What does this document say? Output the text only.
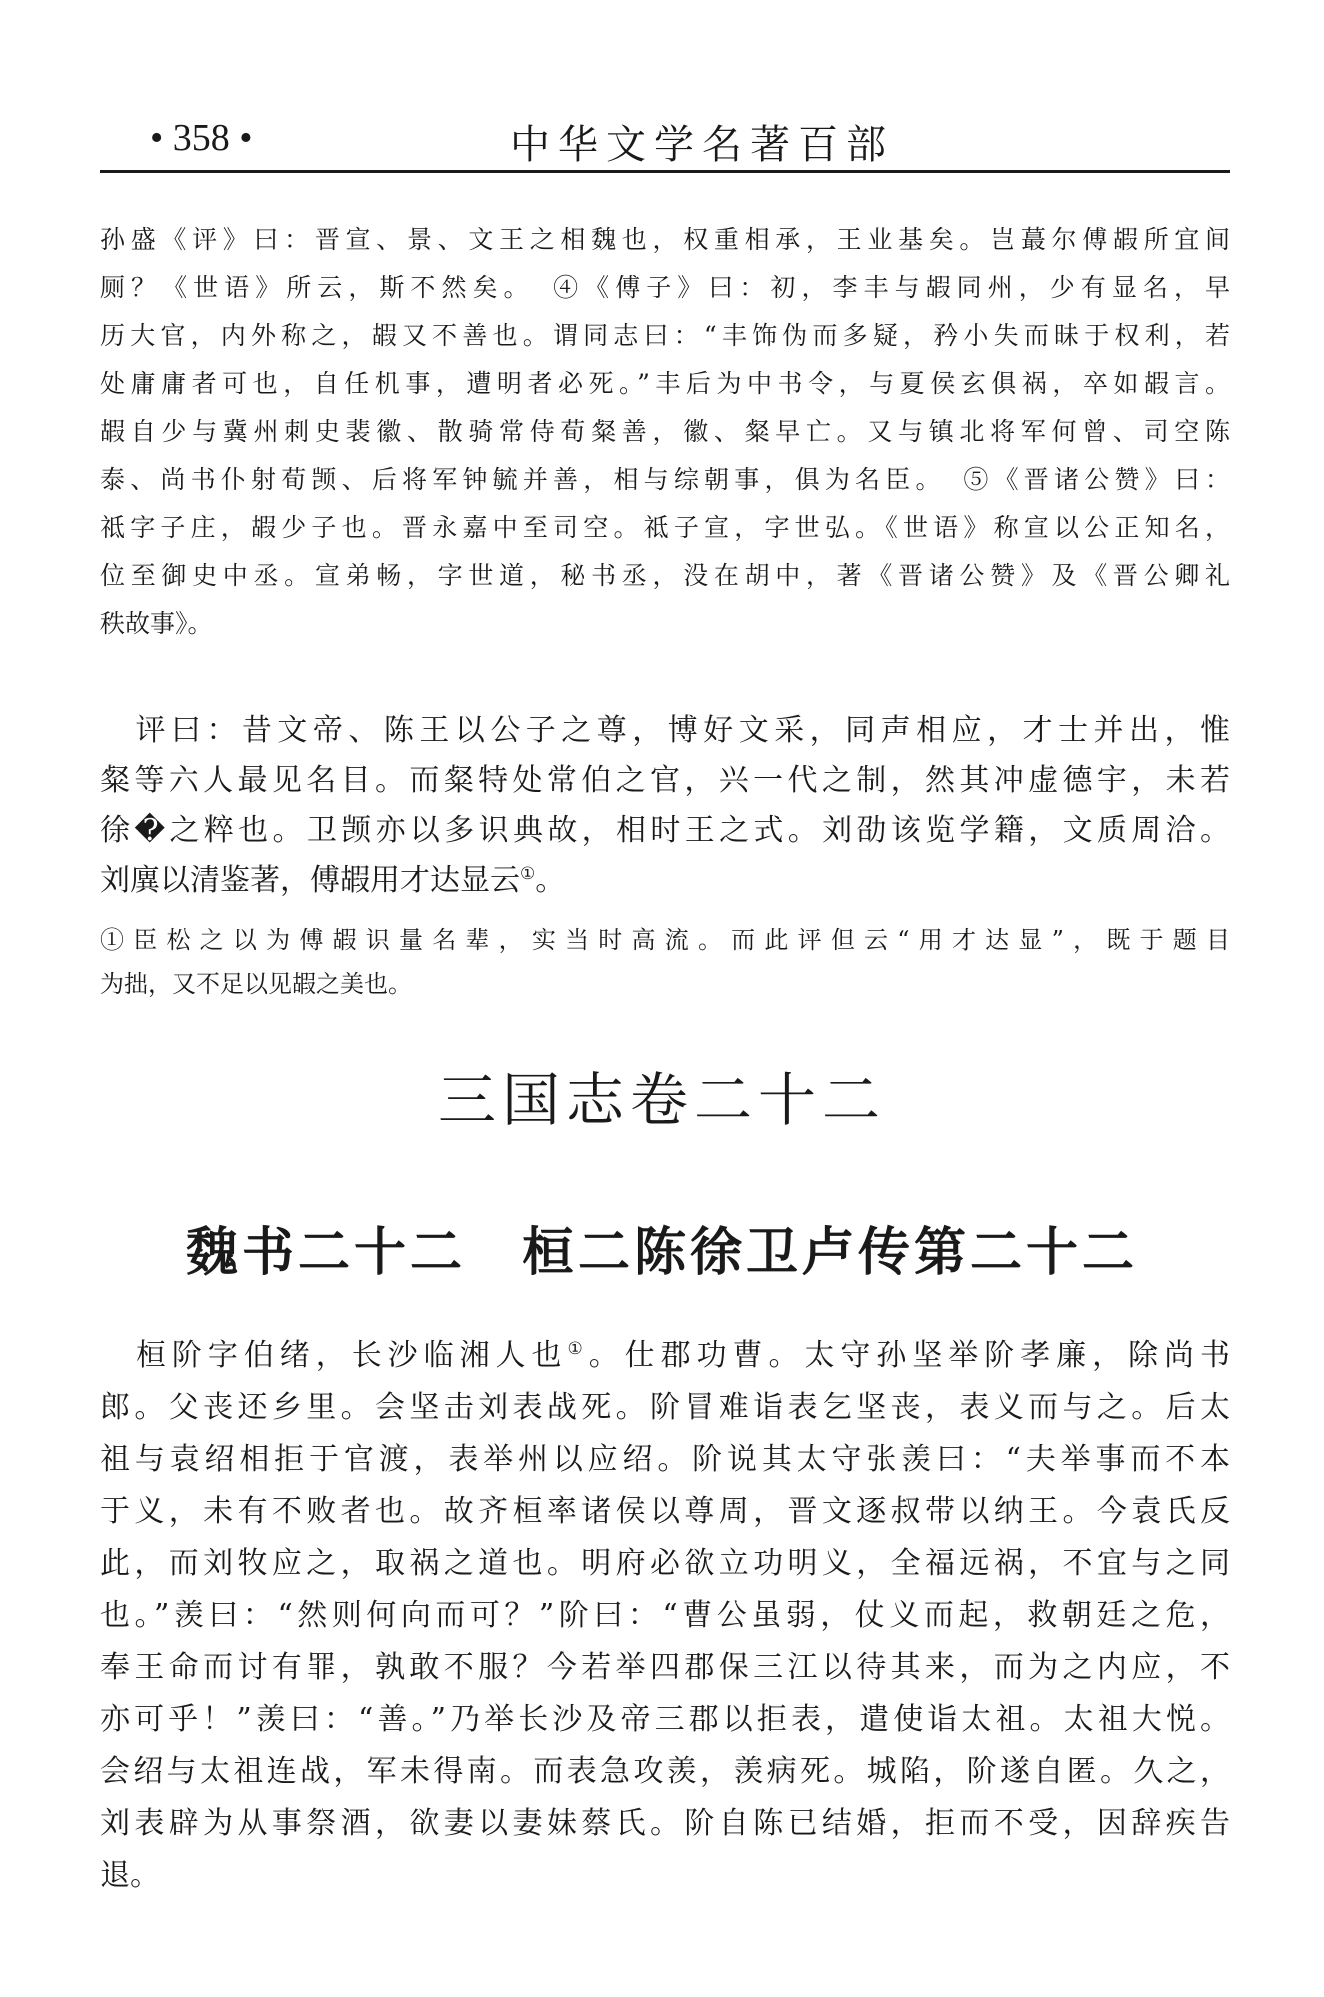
• 358 •	中华文学名著百部
孙盛《评》曰：晋宣、景、文王之相魏也，权重相承，王业基矣。岂蕞尔傅嘏所宜间
厕？《世语》所云，斯不然矣。　④《傅子》曰：初，李丰与嘏同州，少有显名，早
历大官，内外称之，嘏又不善也。谓同志曰：“丰饰伪而多疑，矜小失而昧于权利，若
处庸庸者可也，自任机事，遭明者必死。”丰后为中书令，与夏侯玄俱祸，卒如嘏言。
嘏自少与冀州刺史裴徽、散骑常侍荀粲善，徽、粲早亡。又与镇北将军何曾、司空陈
泰、尚书仆射荀𫖮、后将军钟毓并善，相与综朝事，俱为名臣。　⑤《晋诸公赞》曰：
祗字子庄，嘏少子也。晋永嘉中至司空。祗子宣，字世弘。《世语》称宣以公正知名，
位至御史中丞。宣弟畅，字世道，秘书丞，没在胡中，著《晋诸公赞》及《晋公卿礼
秩故事》。
　评曰：昔文帝、陈王以公子之尊，博好文采，同声相应，才士并出，惟
粲等六人最见名目。而粲特处常伯之官，兴一代之制，然其冲虚德宇，未若
徐�之粹也。卫𫖮亦以多识典故，相时王之式。刘劭该览学籍，文质周洽。
刘廙以清鉴著，傅嘏用才达显云①。
①臣松之以为傅嘏识量名辈，实当时高流。而此评但云“用才达显”，既于题目
为拙，又不足以见嘏之美也。
三国志卷二十二
魏书二十二　桓二陈徐卫卢传第二十二
　桓阶字伯绪，长沙临湘人也①。仕郡功曹。太守孙坚举阶孝廉，除尚书
郎。父丧还乡里。会坚击刘表战死。阶冒难诣表乞坚丧，表义而与之。后太
祖与袁绍相拒于官渡，表举州以应绍。阶说其太守张羡曰：“夫举事而不本
于义，未有不败者也。故齐桓率诸侯以尊周，晋文逐叔带以纳王。今袁氏反
此，而刘牧应之，取祸之道也。明府必欲立功明义，全福远祸，不宜与之同
也。”羡曰：“然则何向而可？”阶曰：“曹公虽弱，仗义而起，救朝廷之危，
奉王命而讨有罪，孰敢不服？今若举四郡保三江以待其来，而为之内应，不
亦可乎！”羡曰：“善。”乃举长沙及帝三郡以拒表，遣使诣太祖。太祖大悦。
会绍与太祖连战，军未得南。而表急攻羡，羡病死。城陷，阶遂自匿。久之，
刘表辟为从事祭酒，欲妻以妻妹蔡氏。阶自陈已结婚，拒而不受，因辞疾告
退。
